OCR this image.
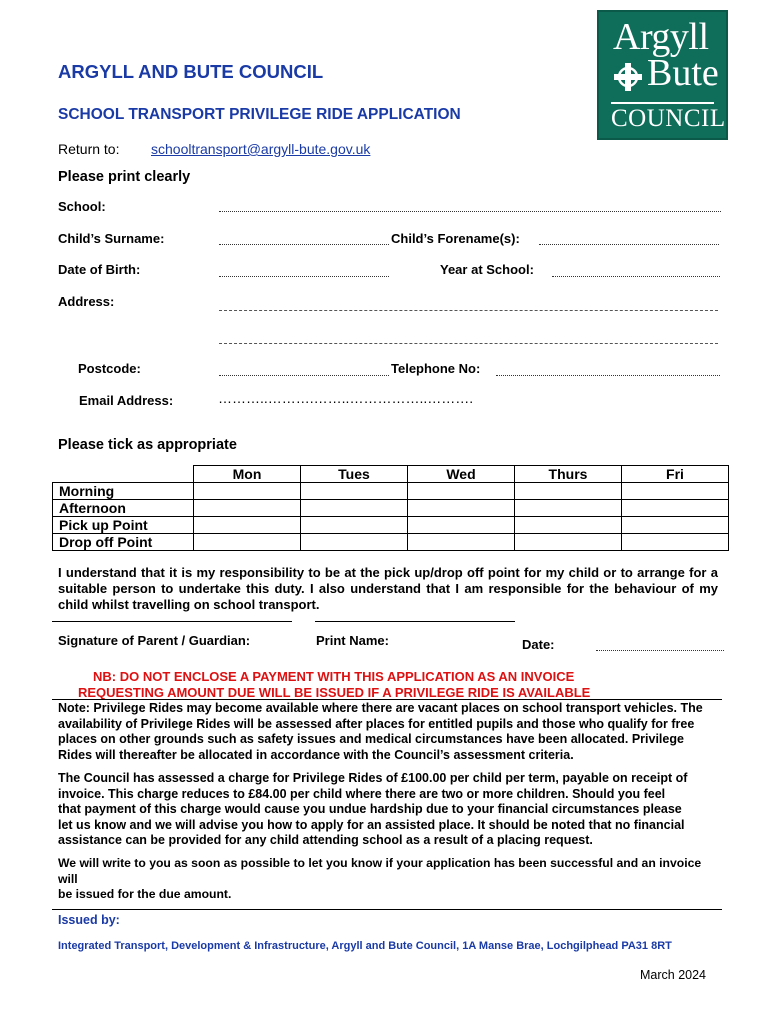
Argyll
Bute
COUNCIL
ARGYLL AND BUTE COUNCIL
SCHOOL TRANSPORT PRIVILEGE RIDE APPLICATION
Return to: schooltransport@argyll-bute.gov.uk
Please print clearly
School:
Child’s Surname:	Child’s Forename(s):
Date of Birth:	Year at School:
Address:
Postcode:	Telephone No:
Email Address:	………..……….……..……………..……….
Please tick as appropriate
	Mon	Tues	Wed	Thurs	Fri
Morning					
Afternoon					
Pick up Point					
Drop off Point					
I understand that it is my responsibility to be at the pick up/drop off point for my child or to arrange for a suitable person to undertake this duty. I also understand that I am responsible for the behaviour of my child whilst travelling on school transport.
Signature of Parent / Guardian:	Print Name:	Date:
NB: DO NOT ENCLOSE A PAYMENT WITH THIS APPLICATION AS AN INVOICE
REQUESTING AMOUNT DUE WILL BE ISSUED IF A PRIVILEGE RIDE IS AVAILABLE
Note: Privilege Rides may become available where there are vacant places on school transport vehicles. The availability of Privilege Rides will be assessed after places for entitled pupils and those who qualify for free places on other grounds such as safety issues and medical circumstances have been allocated. Privilege Rides will thereafter be allocated in accordance with the Council’s assessment criteria.
The Council has assessed a charge for Privilege Rides of £100.00 per child per term, payable on receipt of
invoice. This charge reduces to £84.00 per child where there are two or more children. Should you feel
that payment of this charge would cause you undue hardship due to your financial circumstances please
let us know and we will advise you how to apply for an assisted place. It should be noted that no financial
assistance can be provided for any child attending school as a result of a placing request.
We will write to you as soon as possible to let you know if your application has been successful and an invoice
will
be issued for the due amount.
Issued by:
Integrated Transport, Development & Infrastructure, Argyll and Bute Council, 1A Manse Brae, Lochgilphead PA31 8RT
March 2024
